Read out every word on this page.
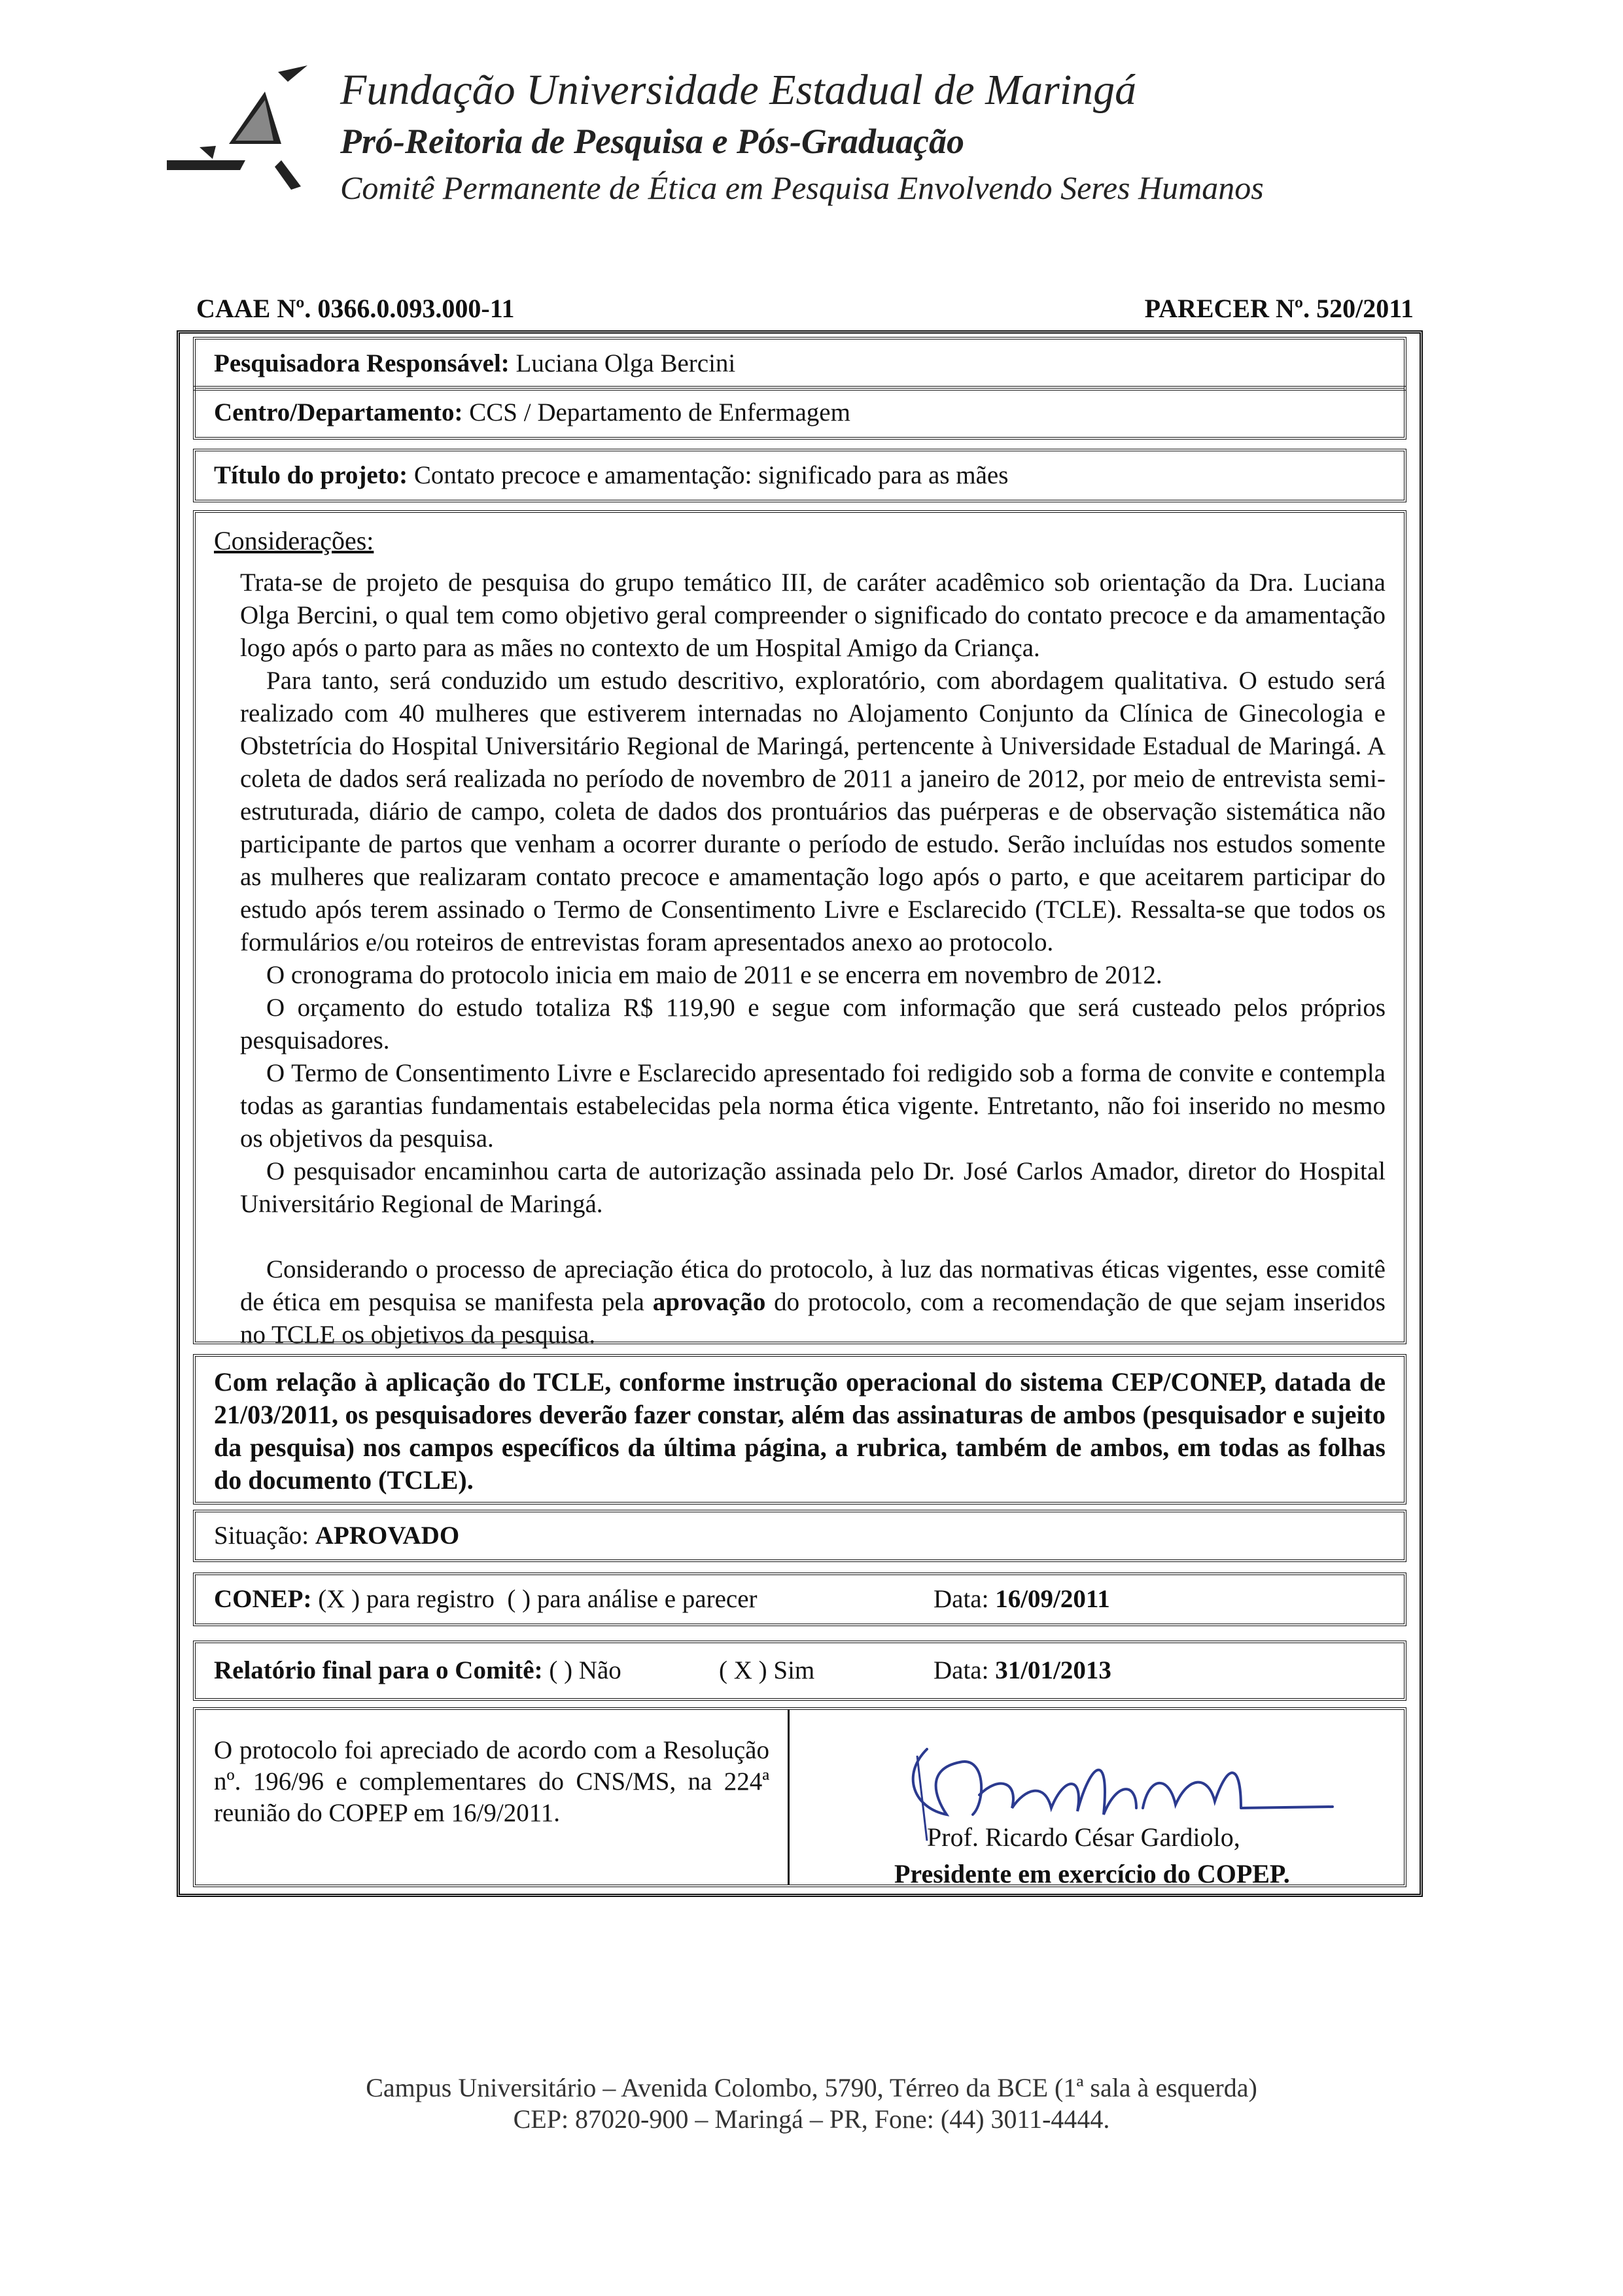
Fundação Universidade Estadual de Maringá
Pró-Reitoria de Pesquisa e Pós-Graduação
Comitê Permanente de Ética em Pesquisa Envolvendo Seres Humanos
CAAE Nº. 0366.0.093.000-11	PARECER Nº. 520/2011
Pesquisadora Responsável:
Luciana Olga Bercini
Centro/Departamento:
CCS / Departamento de Enfermagem
Título do projeto:
Contato precoce e amamentação: significado para as mães
Considerações:

Trata-se de projeto de pesquisa do grupo temático III, de caráter acadêmico sob orientação da Dra. Luciana Olga Bercini, o qual tem como objetivo geral compreender o significado do contato precoce e da amamentação logo após o parto para as mães no contexto de um Hospital Amigo da Criança.

Para tanto, será conduzido um estudo descritivo, exploratório, com abordagem qualitativa. O estudo será realizado com 40 mulheres que estiverem internadas no Alojamento Conjunto da Clínica de Ginecologia e Obstetrícia do Hospital Universitário Regional de Maringá, pertencente à Universidade Estadual de Maringá. A coleta de dados será realizada no período de novembro de 2011 a janeiro de 2012, por meio de entrevista semi-estruturada, diário de campo, coleta de dados dos prontuários das puérperas e de observação sistemática não participante de partos que venham a ocorrer durante o período de estudo. Serão incluídas nos estudos somente as mulheres que realizaram contato precoce e amamentação logo após o parto, e que aceitarem participar do estudo após terem assinado o Termo de Consentimento Livre e Esclarecido (TCLE). Ressalta-se que todos os formulários e/ou roteiros de entrevistas foram apresentados anexo ao protocolo.

O cronograma do protocolo inicia em maio de 2011 e se encerra em novembro de 2012.

O orçamento do estudo totaliza R$ 119,90 e segue com informação que será custeado pelos próprios pesquisadores.

O Termo de Consentimento Livre e Esclarecido apresentado foi redigido sob a forma de convite e contempla todas as garantias fundamentais estabelecidas pela norma ética vigente. Entretanto, não foi inserido no mesmo os objetivos da pesquisa.

O pesquisador encaminhou carta de autorização assinada pelo Dr. José Carlos Amador, diretor do Hospital Universitário Regional de Maringá.

Considerando o processo de apreciação ética do protocolo, à luz das normativas éticas vigentes, esse comitê de ética em pesquisa se manifesta pela aprovação do protocolo, com a recomendação de que sejam inseridos no TCLE os objetivos da pesquisa.

Com relação à aplicação do TCLE, conforme instrução operacional do sistema CEP/CONEP, datada de 21/03/2011, os pesquisadores deverão fazer constar, além das assinaturas de ambos (pesquisador e sujeito da pesquisa) nos campos específicos da última página, a rubrica, também de ambos, em todas as folhas do documento (TCLE).
Situação:
APROVADO
CONEP:
(X ) para registro
( ) para análise e parecer	Data: 16/09/2011
Relatório final para o Comitê:
( ) Não	( X ) Sim	Data: 31/01/2013
O protocolo foi apreciado de acordo com a Resolução nº. 196/96 e complementares do CNS/MS, na 224ª reunião do COPEP em 16/9/2011.
Prof. Ricardo César Gardiolo,
Presidente em exercício do COPEP.
Campus Universitário – Avenida Colombo, 5790, Térreo da BCE (1ª sala à esquerda)
CEP: 87020-900 – Maringá – PR, Fone: (44) 3011-4444.
